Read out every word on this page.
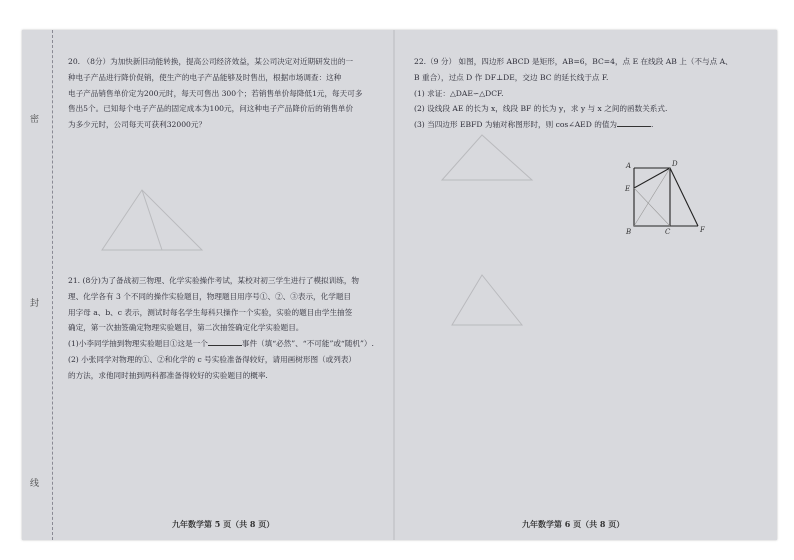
密
封
线

20. （8分）为加快新旧动能转换，提高公司经济效益，某公司决定对近期研发出的一

种电子产品进行降价促销，使生产的电子产品能够及时售出，根据市场调查：这种

电子产品销售单价定为200元时，每天可售出 300个；若销售单价每降低1元，每天可多

售出5个。已知每个电子产品的固定成本为100元，问这种电子产品降价后的销售单价

为多少元时，公司每天可获利32000元？

21. (8分)为了备战初三物理、化学实验操作考试，某校对初三学生进行了模拟训练，物

理、化学各有 3 个不同的操作实验题目，物理题目用序号①、②、③表示，化学题目

用字母 a、b、c 表示，测试时每名学生每科只操作一个实验，实验的题目由学生抽签

确定，第一次抽签确定物理实验题目，第二次抽签确定化学实验题目。

(1)小李同学抽到物理实验题目①这是一个	事件（填“必然”、“不可能”或“随机”）.

(2) 小张同学对物理的①、②和化学的 c 号实验准备得较好，请用画树形图（或列表）

的方法，求他同时抽到两科都准备得较好的实验题目的概率.

22.（9 分） 如图，四边形 ABCD 是矩形，AB=6，BC=4，点 E 在线段 AB 上（不与点 A、

B 重合），过点 D 作 DF⊥DE，交边 BC 的延长线于点 F.

(1) 求证：△DAE∽△DCF.

(2) 设线段 AE 的长为 x，线段 BF 的长为 y，求 y 与 x 之间的函数关系式.

(3) 当四边形 EBFD 为轴对称图形时，则 cos∠AED 的值为	.

A	D
E
B	C	F
九年数学第 5 页（共 8 页）	九年数学第 6 页（共 8 页）
